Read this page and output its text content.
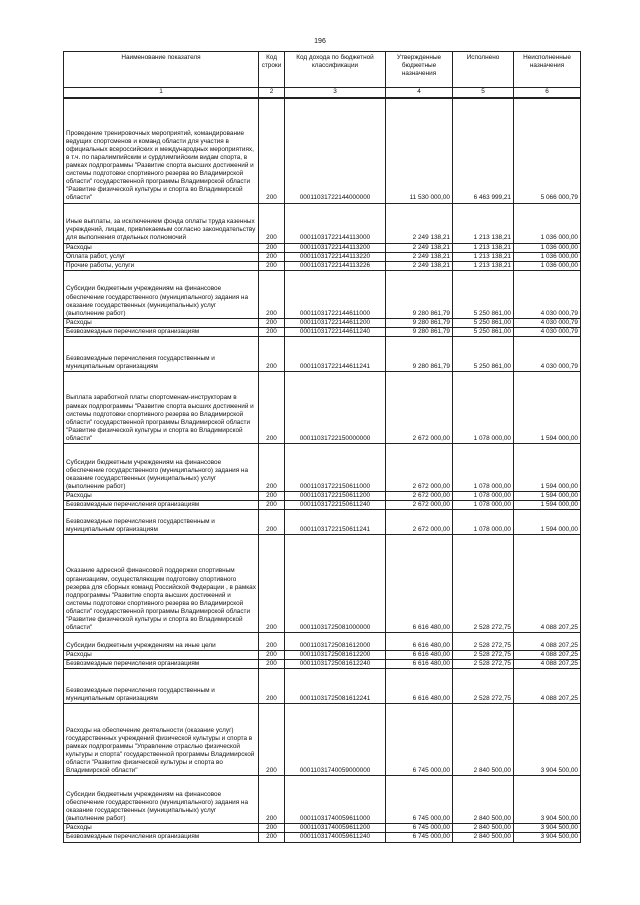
196
Наименование показателя	Код строки	Код дохода по бюджетной классификации	Утвержденные бюджетные назначения	Исполнено	Неисполненные назначения
1	2	3	4	5	6
Проведение тренировочных мероприятий, командирование ведущих спортсменов и команд области для участия в официальных всероссийских и международных мероприятиях, в т.ч. по паралимпийским и сурдлимпийским видам спорта, в рамках подпрограммы "Развитие спорта высших достижений и системы подготовки спортивного резерва во Владимирской области" государственной программы Владимирской области "Развитие физической культуры и спорта во Владимирской области"	200	00011031722144000000	11 530 000,00	6 463 999,21	5 066 000,79
Иные выплаты, за исключением фонда оплаты труда казенных учреждений, лицам, привлекаемым согласно законодательству для выполнения отдельных полномочий	200	00011031722144113000	2 249 138,21	1 213 138,21	1 036 000,00
Расходы	200	00011031722144113200	2 249 138,21	1 213 138,21	1 036 000,00
Оплата работ, услуг	200	00011031722144113220	2 249 138,21	1 213 138,21	1 036 000,00
Прочие работы, услуги	200	00011031722144113226	2 249 138,21	1 213 138,21	1 036 000,00
Субсидии бюджетным учреждениям на финансовое обеспечение государственного (муниципального) задания на оказание государственных (муниципальных) услуг (выполнение работ)	200	00011031722144611000	9 280 861,79	5 250 861,00	4 030 000,79
Расходы	200	00011031722144611200	9 280 861,79	5 250 861,00	4 030 000,79
Безвозмездные перечисления организациям	200	00011031722144611240	9 280 861,79	5 250 861,00	4 030 000,79
Безвозмездные перечисления государственным и муниципальным организациям	200	00011031722144611241	9 280 861,79	5 250 861,00	4 030 000,79
Выплата заработной платы спортсменам-инструкторам в рамках подпрограммы "Развитие спорта высших достижений и системы подготовки спортивного резерва во Владимирской области" государственной программы Владимирской области "Развитие физической культуры и спорта во Владимирской области"	200	00011031722150000000	2 672 000,00	1 078 000,00	1 594 000,00
Субсидии бюджетным учреждениям на финансовое обеспечение государственного (муниципального) задания на оказание государственных (муниципальных) услуг (выполнение работ)	200	00011031722150611000	2 672 000,00	1 078 000,00	1 594 000,00
Расходы	200	00011031722150611200	2 672 000,00	1 078 000,00	1 594 000,00
Безвозмездные перечисления организациям	200	00011031722150611240	2 672 000,00	1 078 000,00	1 594 000,00
Безвозмездные перечисления государственным и муниципальным организациям	200	00011031722150611241	2 672 000,00	1 078 000,00	1 594 000,00
Оказание адресной финансовой поддержки спортивным организациям, осуществляющим подготовку спортивного резерва для сборных команд Российской Федерации , в рамках подпрограммы "Развитие спорта высших достижений и системы подготовки спортивного резерва во Владимирской области" государственной программы Владимирской области "Развитие физической культуры и спорта во Владимирской области"	200	00011031725081000000	6 616 480,00	2 528 272,75	4 088 207,25
Субсидии бюджетным учреждениям на иные цели	200	00011031725081612000	6 616 480,00	2 528 272,75	4 088 207,25
Расходы	200	00011031725081612200	6 616 480,00	2 528 272,75	4 088 207,25
Безвозмездные перечисления организациям	200	00011031725081612240	6 616 480,00	2 528 272,75	4 088 207,25
Безвозмездные перечисления государственным и муниципальным организациям	200	00011031725081612241	6 616 480,00	2 528 272,75	4 088 207,25
Расходы на обеспечение деятельности (оказание услуг) государственных учреждений физической культуры и спорта в рамках подпрограммы "Управление отраслью физической культуры и спорта" государственной программы Владимирской области "Развитие физической культуры и спорта во Владимирской области"	200	00011031740059000000	6 745 000,00	2 840 500,00	3 904 500,00
Субсидии бюджетным учреждениям на финансовое обеспечение государственного (муниципального) задания на оказание государственных (муниципальных) услуг (выполнение работ)	200	00011031740059611000	6 745 000,00	2 840 500,00	3 904 500,00
Расходы	200	00011031740059611200	6 745 000,00	2 840 500,00	3 904 500,00
Безвозмездные перечисления организациям	200	00011031740059611240	6 745 000,00	2 840 500,00	3 904 500,00
